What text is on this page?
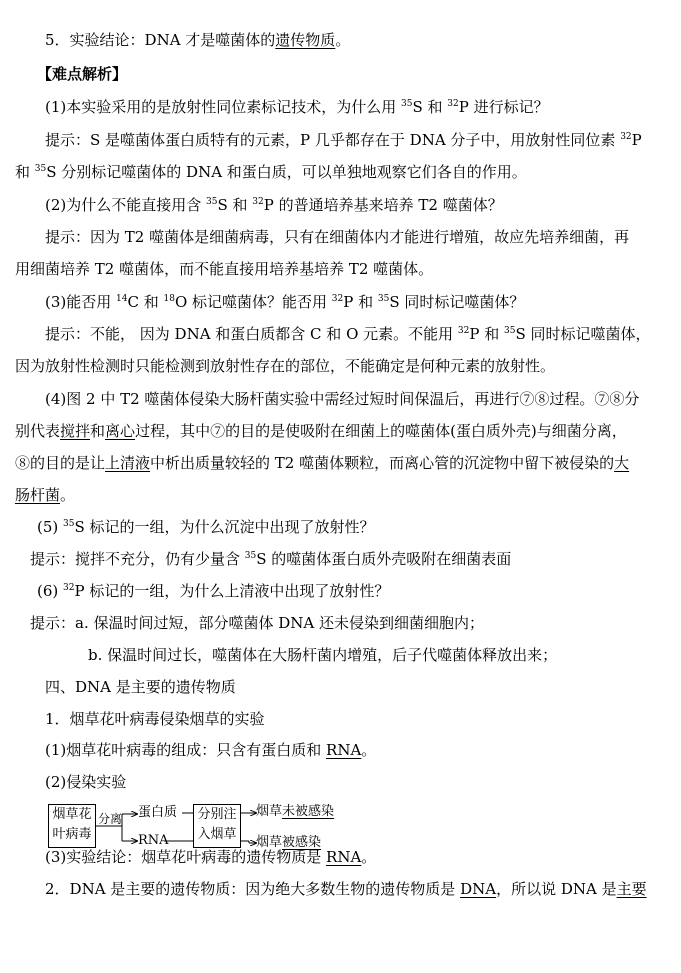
5．实验结论：DNA 才是噬菌体的遗传物质。
【难点解析】
(1)本实验采用的是放射性同位素标记技术，为什么用 $^{35}$S 和 $^{32}$P 进行标记？
提示：S 是噬菌体蛋白质特有的元素，P 几乎都存在于 DNA 分子中，用放射性同位素 $^{32}$P
和 $^{35}$S 分别标记噬菌体的 DNA 和蛋白质，可以单独地观察它们各自的作用。
(2)为什么不能直接用含 $^{35}$S 和 $^{32}$P 的普通培养基来培养 T2 噬菌体？
提示：因为 T2 噬菌体是细菌病毒，只有在细菌体内才能进行增殖，故应先培养细菌，再
用细菌培养 T2 噬菌体，而不能直接用培养基培养 T2 噬菌体。
(3)能否用 $^{14}$C 和 $^{18}$O 标记噬菌体？能否用 $^{32}$P 和 $^{35}$S 同时标记噬菌体？
提示：不能， 因为 DNA 和蛋白质都含 C 和 O 元素。不能用 $^{32}$P 和 $^{35}$S 同时标记噬菌体，
因为放射性检测时只能检测到放射性存在的部位，不能确定是何种元素的放射性。
(4)图 2 中 T2 噬菌体侵染大肠杆菌实验中需经过短时间保温后，再进行⑦⑧过程。⑦⑧分
别代表搅拌和离心过程，其中⑦的目的是使吸附在细菌上的噬菌体(蛋白质外壳)与细菌分离，
⑧的目的是让上清液中析出质量较轻的 T2 噬菌体颗粒，而离心管的沉淀物中留下被侵染的大
肠杆菌。
(5) $^{35}$S 标记的一组，为什么沉淀中出现了放射性？
提示：搅拌不充分，仍有少量含 $^{35}$S 的噬菌体蛋白质外壳吸附在细菌表面
(6) $^{32}$P 标记的一组，为什么上清液中出现了放射性？
提示：a. 保温时间过短，部分噬菌体 DNA 还未侵染到细菌细胞内；
b. 保温时间过长，噬菌体在大肠杆菌内增殖，后子代噬菌体释放出来；
四、DNA 是主要的遗传物质
1．烟草花叶病毒侵染烟草的实验
(1)烟草花叶病毒的组成：只含有蛋白质和 RNA。
(2)侵染实验
烟草花
叶病毒
分离 蛋白质
RNA
分别注
入烟草
烟草未被感染
烟草被感染
(3)实验结论：烟草花叶病毒的遗传物质是 RNA。
2．DNA 是主要的遗传物质：因为绝大多数生物的遗传物质是 DNA，所以说 DNA 是主要
